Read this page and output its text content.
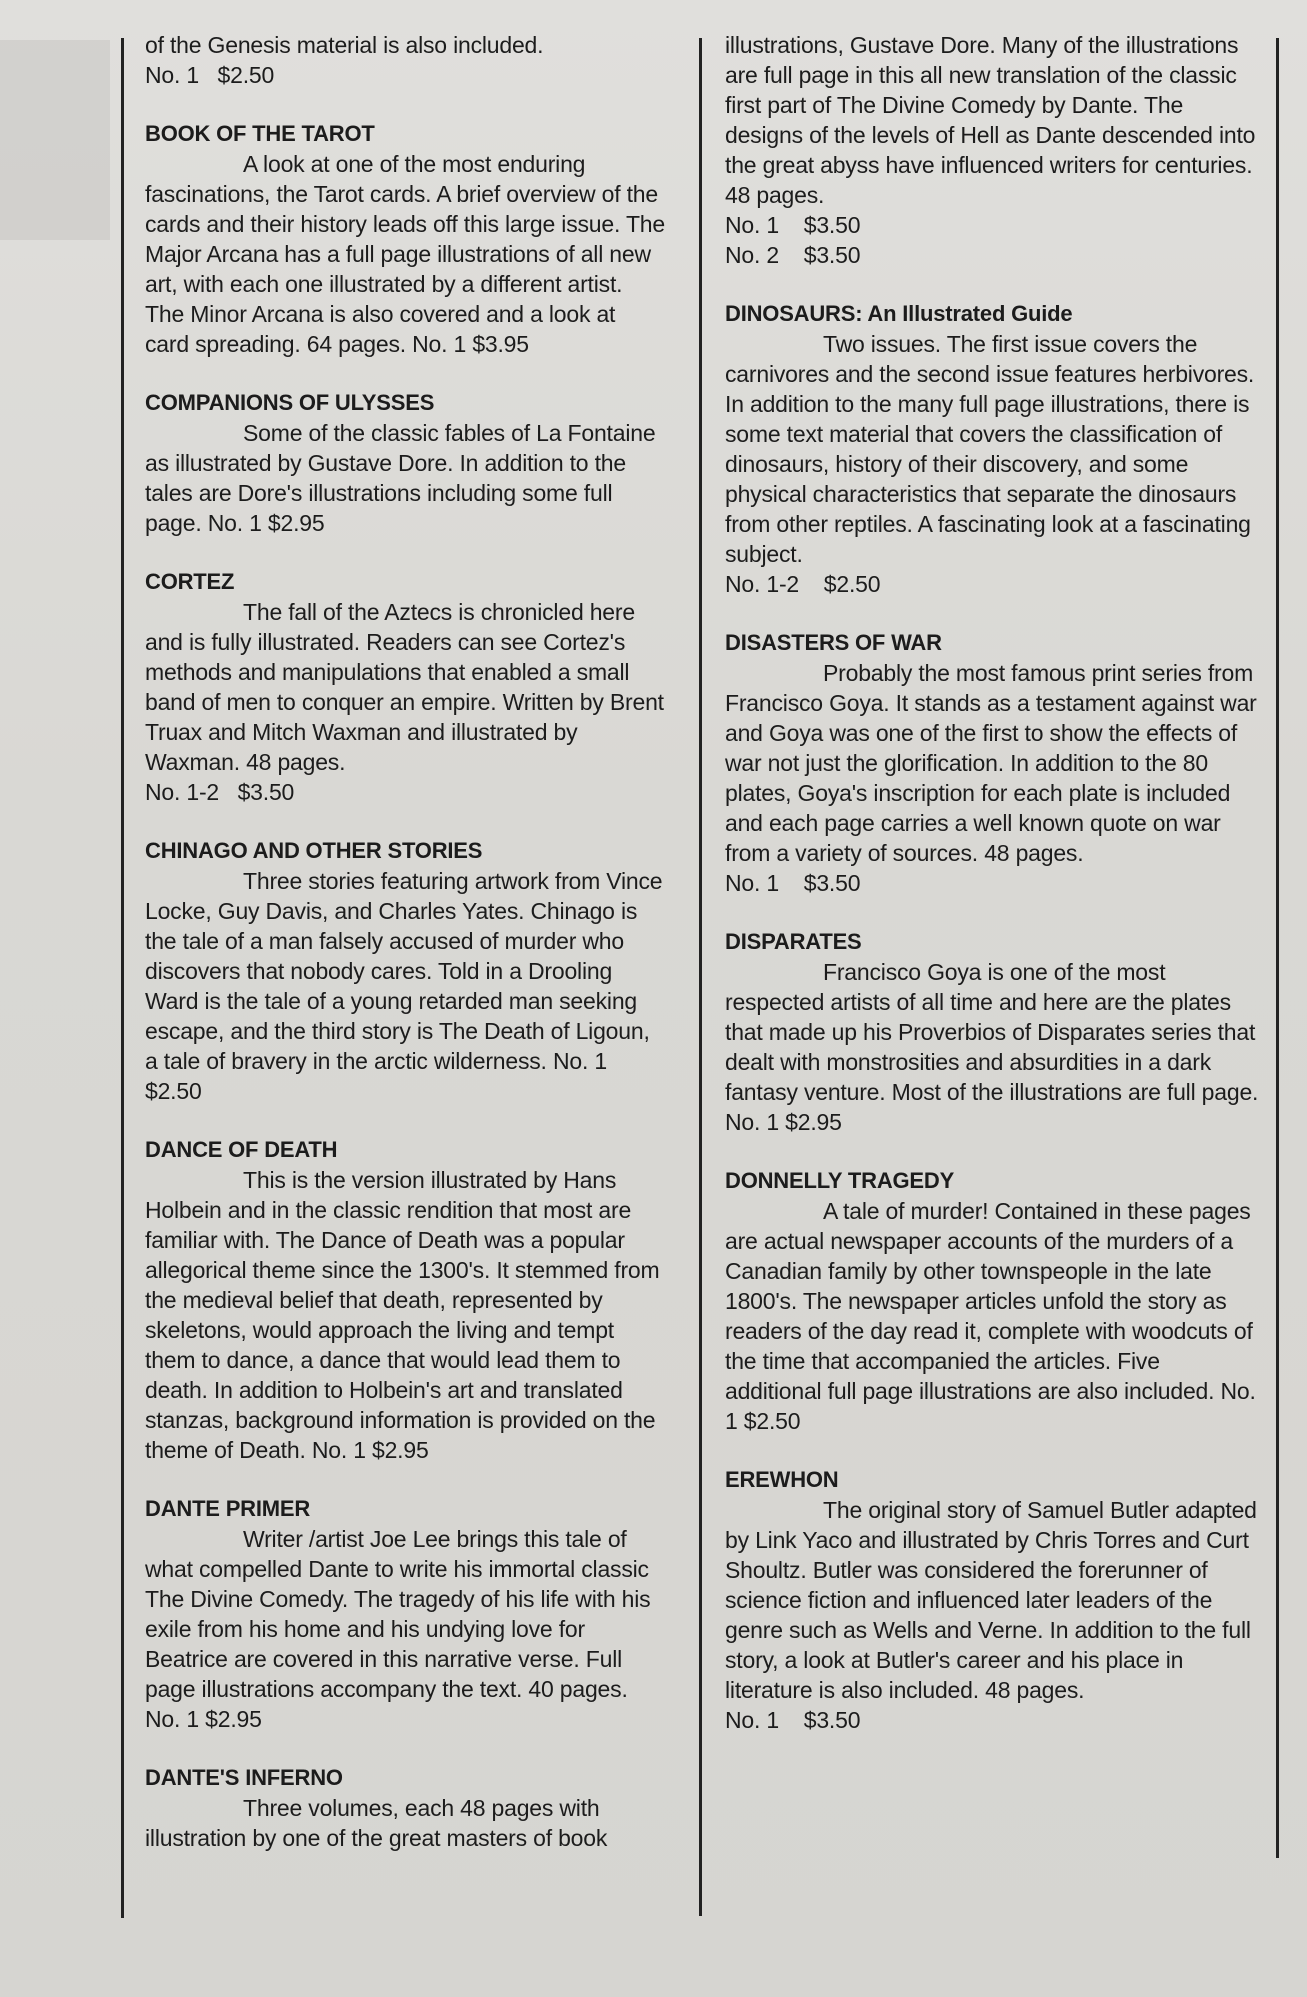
of the Genesis material is also included.

No. 1   $2.50

BOOK OF THE TAROT

A look at one of the most enduring fascinations, the Tarot cards. A brief overview of the cards and their history leads off this large issue. The Major Arcana has a full page illustrations of all new art, with each one illustrated by a different artist. The Minor Arcana is also covered and a look at card spreading. 64 pages. No. 1 $3.95

COMPANIONS OF ULYSSES

Some of the classic fables of La Fontaine as illustrated by Gustave Dore. In addition to the tales are Dore's illustrations including some full page. No. 1 $2.95

CORTEZ

The fall of the Aztecs is chronicled here and is fully illustrated. Readers can see Cortez's methods and manipulations that enabled a small band of men to conquer an empire. Written by Brent Truax and Mitch Waxman and illustrated by Waxman. 48 pages.

No. 1-2   $3.50

CHINAGO AND OTHER STORIES

Three stories featuring artwork from Vince Locke, Guy Davis, and Charles Yates. Chinago is the tale of a man falsely accused of murder who discovers that nobody cares. Told in a Drooling Ward is the tale of a young retarded man seeking escape, and the third story is The Death of Ligoun, a tale of bravery in the arctic wilderness. No. 1 $2.50

DANCE OF DEATH

This is the version illustrated by Hans Holbein and in the classic rendition that most are familiar with. The Dance of Death was a popular allegorical theme since the 1300's. It stemmed from the medieval belief that death, represented by skeletons, would approach the living and tempt them to dance, a dance that would lead them to death. In addition to Holbein's art and translated stanzas, background information is provided on the theme of Death. No. 1 $2.95

DANTE PRIMER

Writer /artist Joe Lee brings this tale of what compelled Dante to write his immortal classic The Divine Comedy. The tragedy of his life with his exile from his home and his undying love for Beatrice are covered in this narrative verse. Full page illustrations accompany the text. 40 pages. No. 1 $2.95

DANTE'S INFERNO

Three volumes, each 48 pages with illustration by one of the great masters of book

illustrations, Gustave Dore. Many of the illustrations are full page in this all new translation of the classic first part of The Divine Comedy by Dante. The designs of the levels of Hell as Dante descended into the great abyss have influenced writers for centuries. 48 pages.

No. 1    $3.50

No. 2    $3.50

DINOSAURS: An Illustrated Guide

Two issues. The first issue covers the carnivores and the second issue features herbivores. In addition to the many full page illustrations, there is some text material that covers the classification of dinosaurs, history of their discovery, and some physical characteristics that separate the dinosaurs from other reptiles. A fascinating look at a fascinating subject.

No. 1-2    $2.50

DISASTERS OF WAR

Probably the most famous print series from Francisco Goya. It stands as a testament against war and Goya was one of the first to show the effects of war not just the glorification. In addition to the 80 plates, Goya's inscription for each plate is included and each page carries a well known quote on war from a variety of sources. 48 pages.

No. 1    $3.50

DISPARATES

Francisco Goya is one of the most respected artists of all time and here are the plates that made up his Proverbios of Disparates series that dealt with monstrosities and absurdities in a dark fantasy venture. Most of the illustrations are full page. No. 1 $2.95

DONNELLY TRAGEDY

A tale of murder! Contained in these pages are actual newspaper accounts of the murders of a Canadian family by other townspeople in the late 1800's. The newspaper articles unfold the story as readers of the day read it, complete with woodcuts of the time that accompanied the articles. Five additional full page illustrations are also included. No. 1 $2.50

EREWHON

The original story of Samuel Butler adapted by Link Yaco and illustrated by Chris Torres and Curt Shoultz. Butler was considered the forerunner of science fiction and influenced later leaders of the genre such as Wells and Verne. In addition to the full story, a look at Butler's career and his place in literature is also included. 48 pages.

No. 1    $3.50
